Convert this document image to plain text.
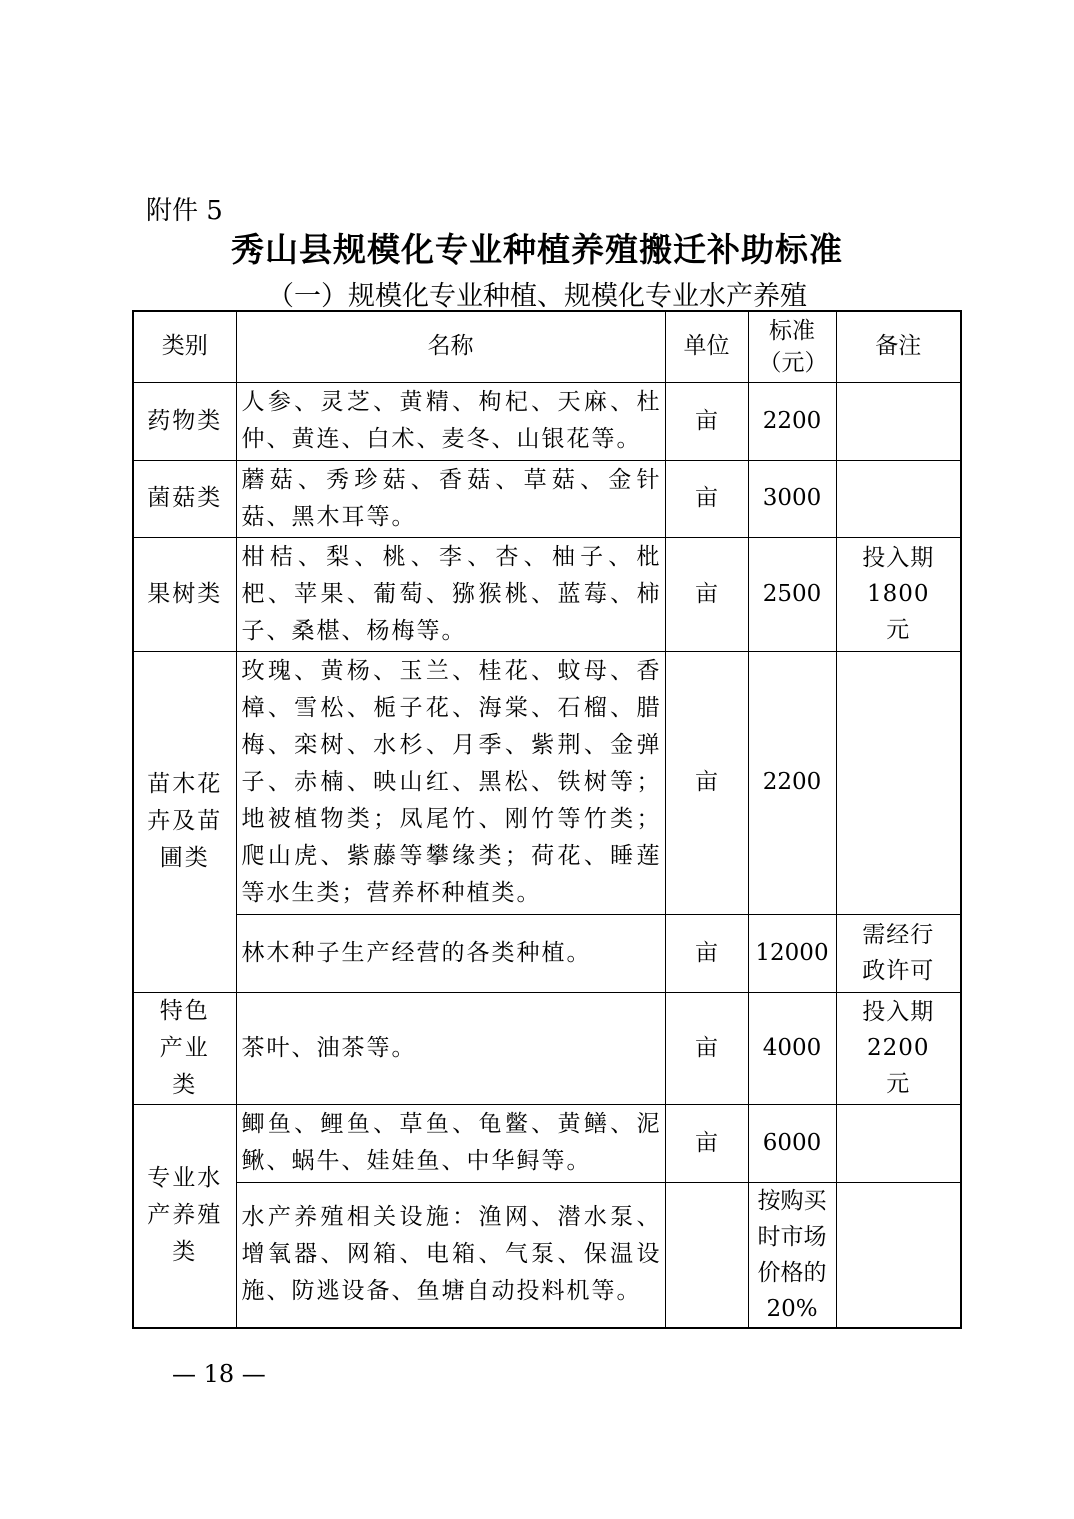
附件 5
秀山县规模化专业种植养殖搬迁补助标准
（一）规模化专业种植、规模化专业水产养殖
类别	名称	单位	标准（元）	备注
药物类	人参、灵芝、黄精、枸杞、天麻、杜仲、黄连、白术、麦冬、山银花等。	亩	2200	
菌菇类	蘑菇、秀珍菇、香菇、草菇、金针菇、黑木耳等。	亩	3000	
果树类	柑桔、梨、桃、李、杏、柚子、枇杷、苹果、葡萄、猕猴桃、蓝莓、柿子、桑椹、杨梅等。	亩	2500	投入期1800 元
苗木花卉及苗圃类	玫瑰、黄杨、玉兰、桂花、蚊母、香樟、雪松、栀子花、海棠、石榴、腊梅、栾树、水杉、月季、紫荆、金弹子、赤楠、映山红、黑松、铁树等；地被植物类；凤尾竹、刚竹等竹类；爬山虎、紫藤等攀缘类；荷花、睡莲等水生类；营养杯种植类。	亩	2200	
	林木种子生产经营的各类种植。	亩	12000	需经行政许可
特色产业类	茶叶、油茶等。	亩	4000	投入期2200 元
专业水产养殖类	鲫鱼、鲤鱼、草鱼、龟鳖、黄鳝、泥鳅、蜗牛、娃娃鱼、中华鲟等。	亩	6000	
	水产养殖相关设施：渔网、潜水泵、增氧器、网箱、电箱、气泵、保温设施、防逃设备、鱼塘自动投料机等。		按购买时市场价格的20%	
— 18 —
